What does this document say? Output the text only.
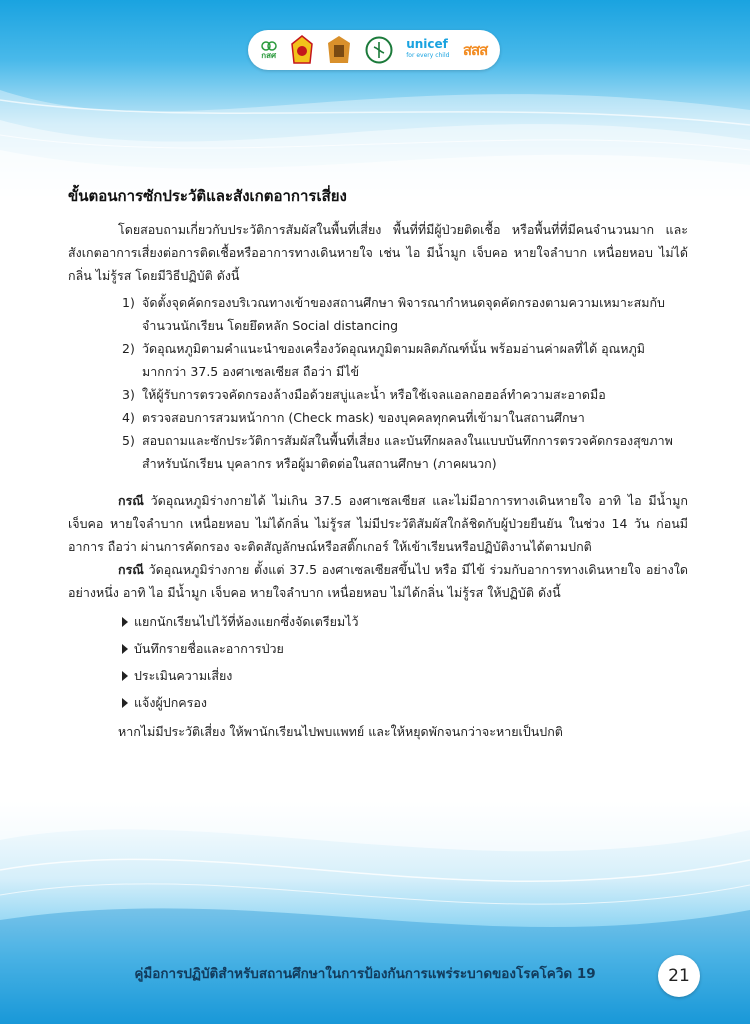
กสศ
unicef
for every child สสส
ขั้นตอนการซักประวัติและสังเกตอาการเสี่ยง

โดยสอบถามเกี่ยวกับประวัติการสัมผัสในพื้นที่เสี่ยง พื้นที่ที่มีผู้ป่วยติดเชื้อ หรือพื้นที่ที่มีคนจำนวนมาก และสังเกตอาการเสี่ยงต่อการติดเชื้อหรืออาการทางเดินหายใจ เช่น ไอ มีน้ำมูก เจ็บคอ หายใจลำบาก เหนื่อยหอบ ไม่ได้กลิ่น ไม่รู้รส โดยมีวิธีปฏิบัติ ดังนี้

1) จัดตั้งจุดคัดกรองบริเวณทางเข้าของสถานศึกษา พิจารณากำหนดจุดคัดกรองตามความเหมาะสมกับจำนวนนักเรียน โดยยึดหลัก Social distancing
2) วัดอุณหภูมิตามคำแนะนำของเครื่องวัดอุณหภูมิตามผลิตภัณฑ์นั้น พร้อมอ่านค่าผลที่ได้ อุณหภูมิมากกว่า 37.5 องศาเซลเซียส ถือว่า มีไข้
3) ให้ผู้รับการตรวจคัดกรองล้างมือด้วยสบู่และน้ำ หรือใช้เจลแอลกอฮอล์ทำความสะอาดมือ
4) ตรวจสอบการสวมหน้ากาก (Check mask) ของบุคคลทุกคนที่เข้ามาในสถานศึกษา
5) สอบถามและซักประวัติการสัมผัสในพื้นที่เสี่ยง และบันทึกผลลงในแบบบันทึกการตรวจคัดกรองสุขภาพสำหรับนักเรียน บุคลากร หรือผู้มาติดต่อในสถานศึกษา (ภาคผนวก)

กรณี วัดอุณหภูมิร่างกายได้ ไม่เกิน 37.5 องศาเซลเซียส และไม่มีอาการทางเดินหายใจ อาทิ ไอ มีน้ำมูก เจ็บคอ หายใจลำบาก เหนื่อยหอบ ไม่ได้กลิ่น ไม่รู้รส ไม่มีประวัติสัมผัสใกล้ชิดกับผู้ป่วยยืนยัน ในช่วง 14 วัน ก่อนมีอาการ ถือว่า ผ่านการคัดกรอง จะติดสัญลักษณ์หรือสติ๊กเกอร์ ให้เข้าเรียนหรือปฏิบัติงานได้ตามปกติ

กรณี วัดอุณหภูมิร่างกาย ตั้งแต่ 37.5 องศาเซลเซียสขึ้นไป หรือ มีไข้ ร่วมกับอาการทางเดินหายใจ อย่างใดอย่างหนึ่ง อาทิ ไอ มีน้ำมูก เจ็บคอ หายใจลำบาก เหนื่อยหอบ ไม่ได้กลิ่น ไม่รู้รส ให้ปฏิบัติ ดังนี้

แยกนักเรียนไปไว้ที่ห้องแยกซึ่งจัดเตรียมไว้
บันทึกรายชื่อและอาการป่วย
ประเมินความเสี่ยง
แจ้งผู้ปกครอง

หากไม่มีประวัติเสี่ยง ให้พานักเรียนไปพบแพทย์ และให้หยุดพักจนกว่าจะหายเป็นปกติ

คู่มือการปฏิบัติสำหรับสถานศึกษาในการป้องกันการแพร่ระบาดของโรคโควิด 19	21
